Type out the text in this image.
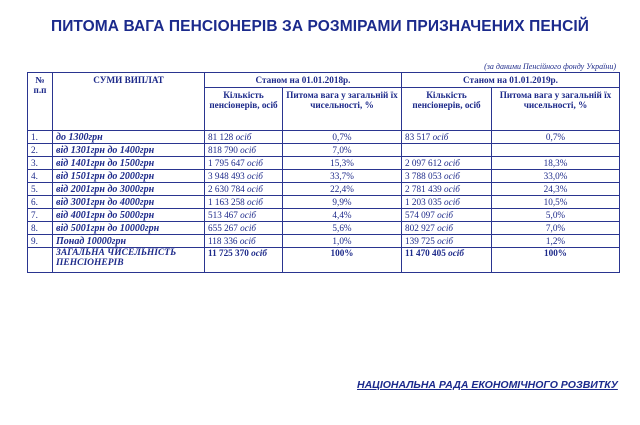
ПИТОМА ВАГА ПЕНСІОНЕРІВ ЗА РОЗМІРАМИ ПРИЗНАЧЕНИХ ПЕНСІЙ
(за даними Пенсійного фонду України)
№ п.п	СУМИ ВИПЛАТ	Станом на 01.01.2018р.		Станом на 01.01.2019р.	
		Кількість пенсіонерів, осіб	Питома вага у загальній їх чисельності, %	Кількість пенсіонерів, осіб	Питома вага у загальній їх чисельності, %
1.	до 1300грн	81 128 осіб	0,7%	83 517 осіб	0,7%
2.	від 1301грн до 1400грн	818 790 осіб	7,0%		
3.	від 1401грн до 1500грн	1 795 647 осіб	15,3%	2 097 612 осіб	18,3%
4.	від 1501грн до 2000грн	3 948 493 осіб	33,7%	3 788 053 осіб	33,0%
5.	від 2001грн до 3000грн	2 630 784 осіб	22,4%	2 781 439 осіб	24,3%
6.	від 3001грн до 4000грн	1 163 258 осіб	9,9%	1 203 035 осіб	10,5%
7.	від 4001грн до 5000грн	513 467 осіб	4,4%	574 097 осіб	5,0%
8.	від 5001грн до 10000грн	655 267 осіб	5,6%	802 927 осіб	7,0%
9.	Понад 10000грн	118 336 осіб	1,0%	139 725 осіб	1,2%
	ЗАГАЛЬНА ЧИСЕЛЬНІСТЬ ПЕНСІОНЕРІВ	11 725 370 осіб	100%	11 470 405 осіб	100%
НАЦІОНАЛЬНА РАДА ЕКОНОМІЧНОГО РОЗВИТКУ
